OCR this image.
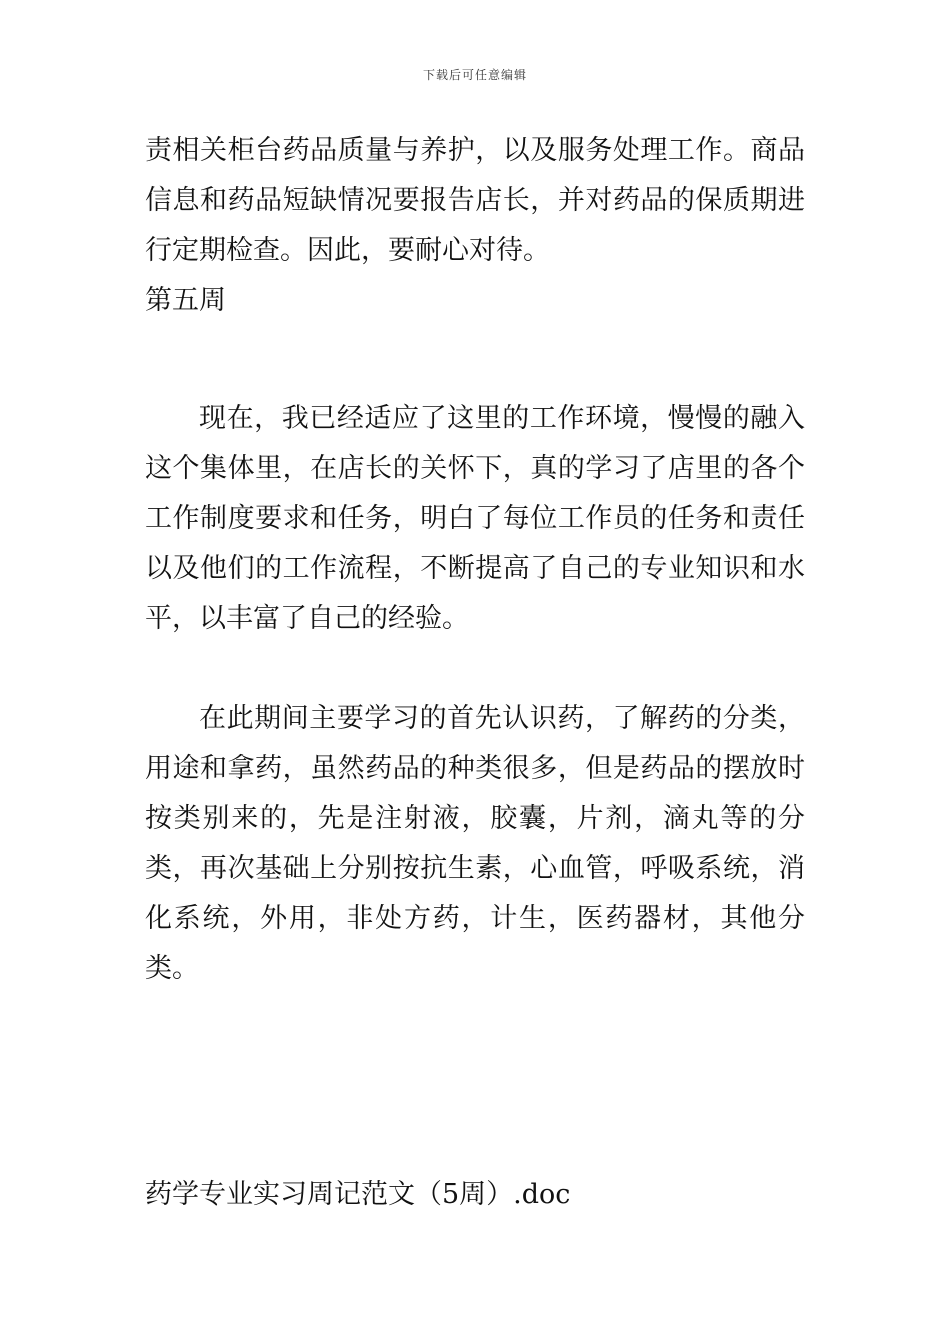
下载后可任意编辑

责相关柜台药品质量与养护，以及服务处理工作。商品信息和药品短缺情况要报告店长，并对药品的保质期进行定期检查。因此，要耐心对待。

第五周

现在，我已经适应了这里的工作环境，慢慢的融入这个集体里，在店长的关怀下，真的学习了店里的各个工作制度要求和任务，明白了每位工作员的任务和责任以及他们的工作流程，不断提高了自己的专业知识和水平，以丰富了自己的经验。

在此期间主要学习的首先认识药，了解药的分类，用途和拿药，虽然药品的种类很多，但是药品的摆放时按类别来的，先是注射液，胶囊，片剂，滴丸等的分类，再次基础上分别按抗生素，心血管，呼吸系统，消化系统，外用，非处方药，计生，医药器材，其他分类。

药学专业实习周记范文（5周）.doc
